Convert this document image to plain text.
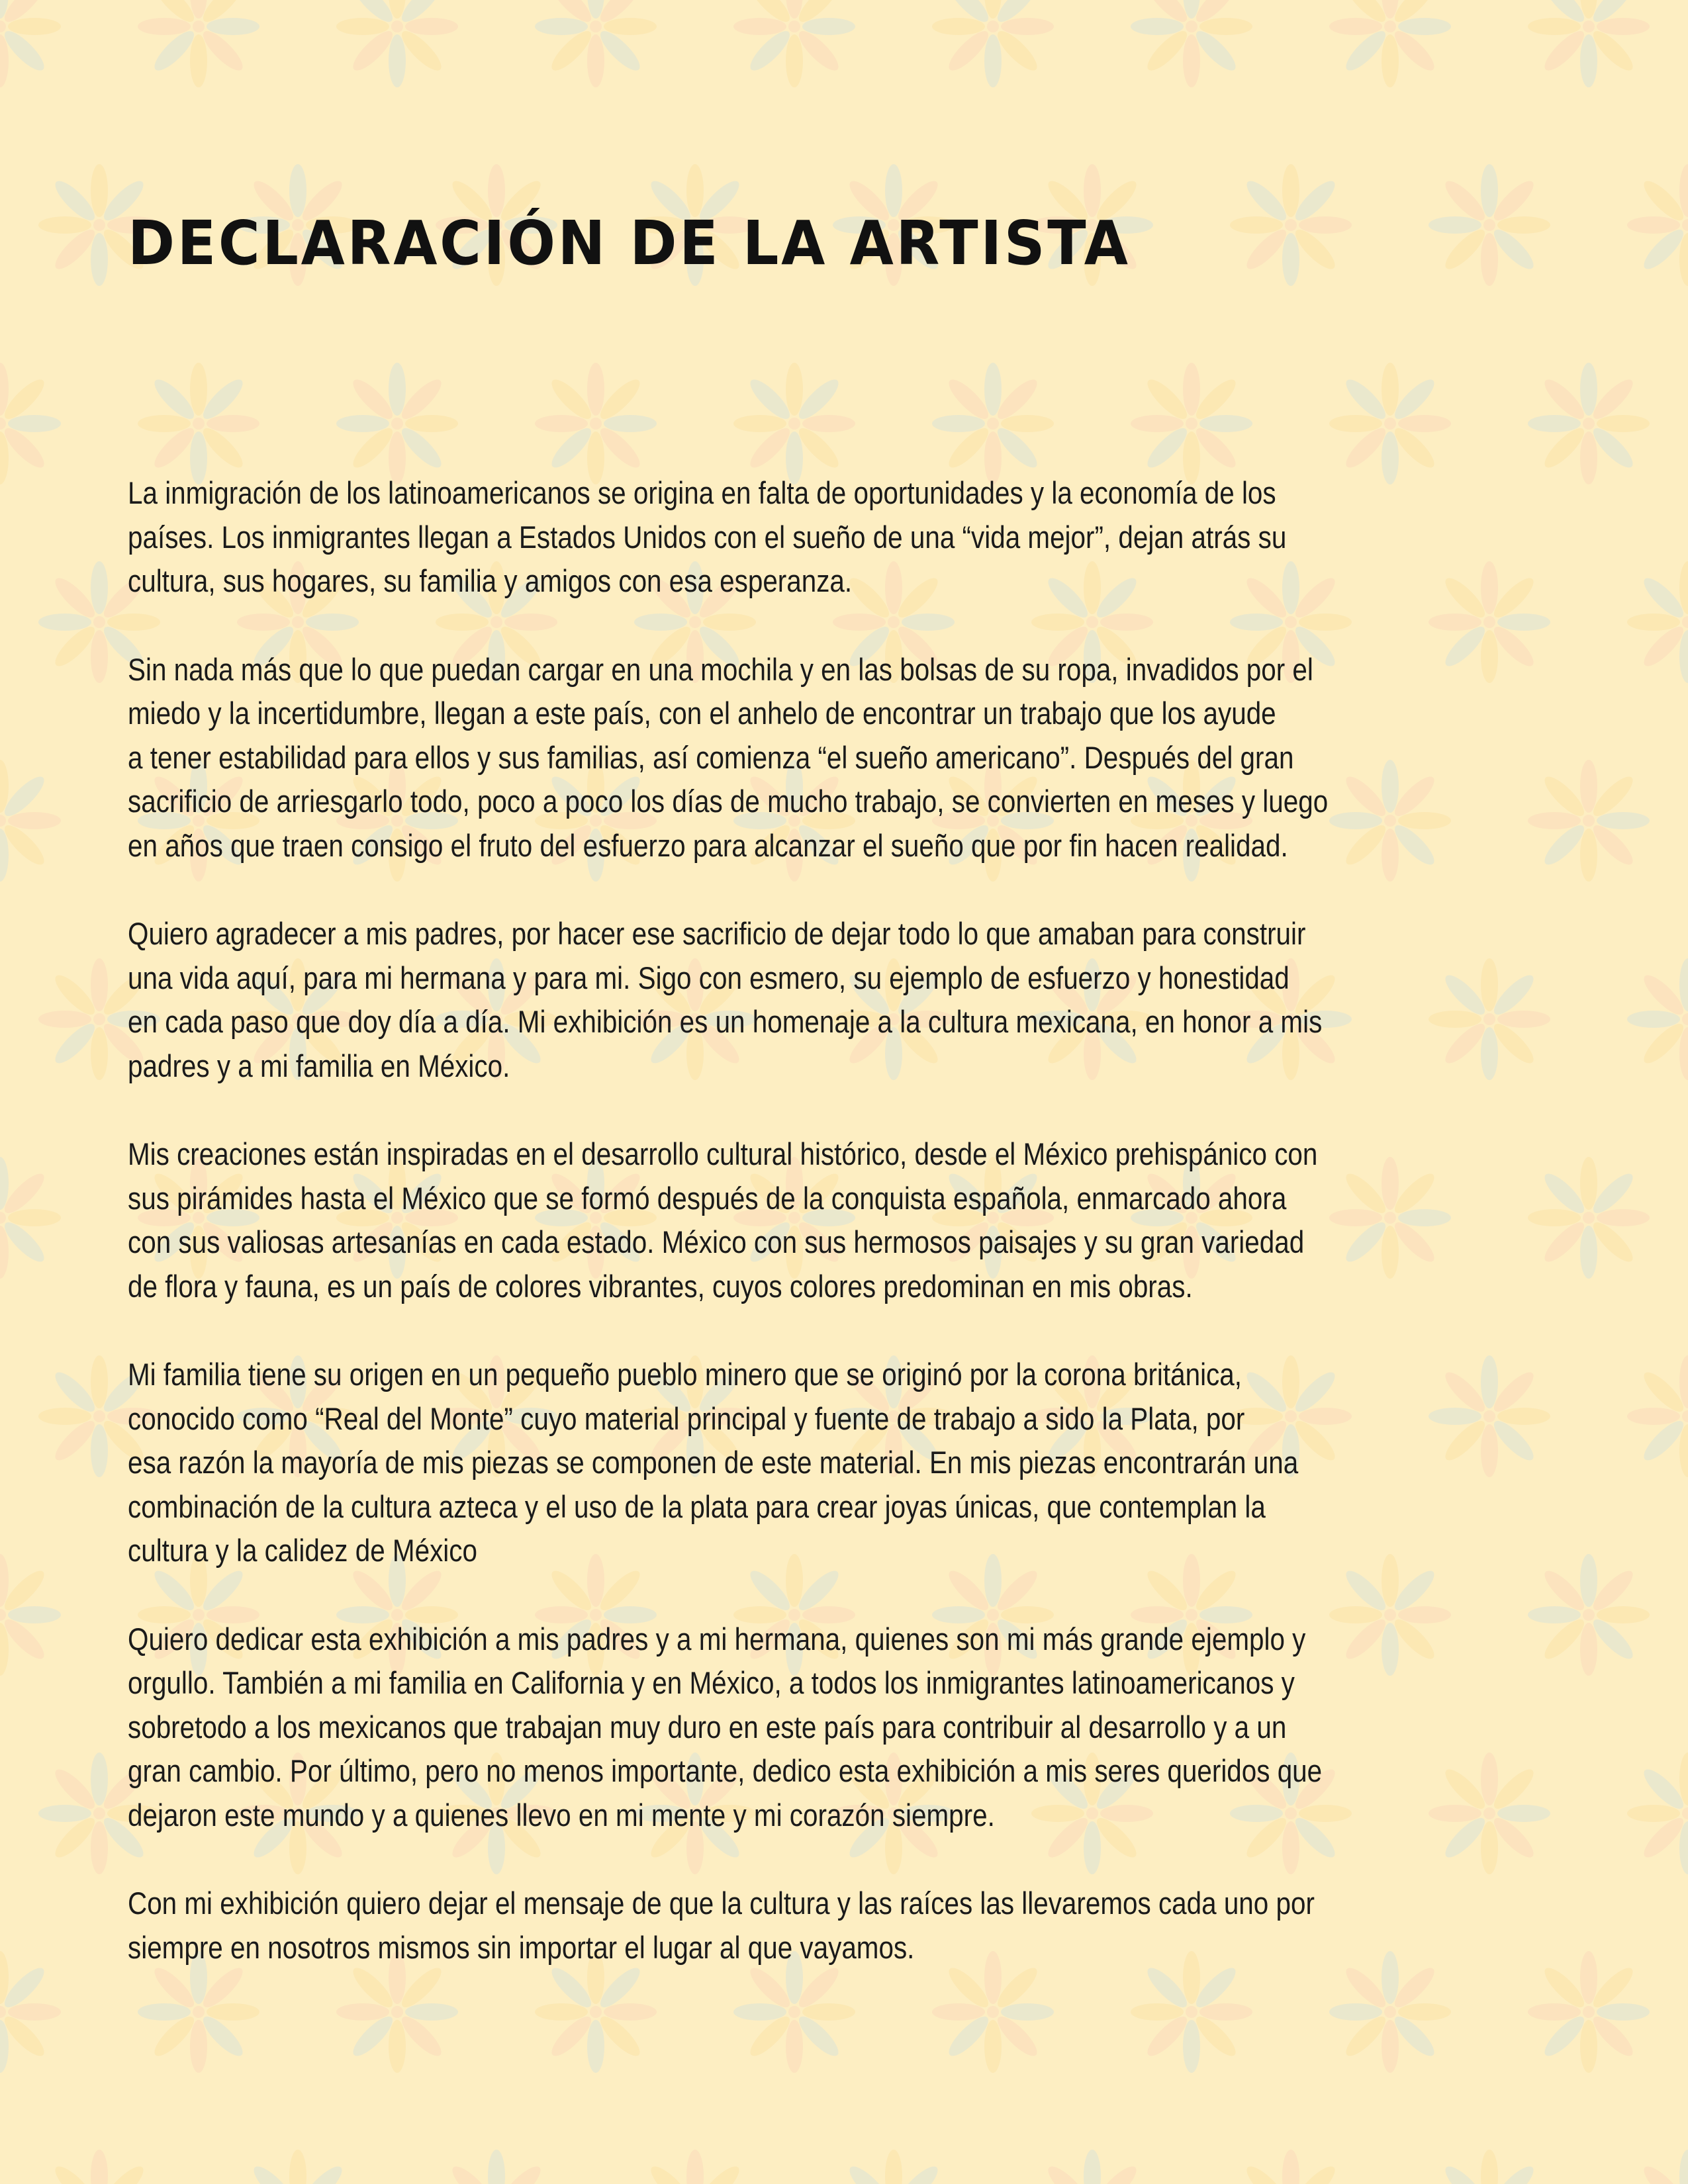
DECLARACIÓN DE LA ARTISTA

La inmigración de los latinoamericanos se origina en falta de oportunidades y la economía de los
países. Los inmigrantes llegan a Estados Unidos con el sueño de una “vida mejor”, dejan atrás su
cultura, sus hogares, su familia y amigos con esa esperanza.

Sin nada más que lo que puedan cargar en una mochila y en las bolsas de su ropa, invadidos por el
miedo y la incertidumbre, llegan a este país, con el anhelo de encontrar un trabajo que los ayude
a tener estabilidad para ellos y sus familias, así comienza “el sueño americano”. Después del gran
sacrificio de arriesgarlo todo, poco a poco los días de mucho trabajo, se convierten en meses y luego
en años que traen consigo el fruto del esfuerzo para alcanzar el sueño que por fin hacen realidad.

Quiero agradecer a mis padres, por hacer ese sacrificio de dejar todo lo que amaban para construir
una vida aquí, para mi hermana y para mi. Sigo con esmero, su ejemplo de esfuerzo y honestidad
en cada paso que doy día a día. Mi exhibición es un homenaje a la cultura mexicana, en honor a mis
padres y a mi familia en México.

Mis creaciones están inspiradas en el desarrollo cultural histórico, desde el México prehispánico con
sus pirámides hasta el México que se formó después de la conquista española, enmarcado ahora
con sus valiosas artesanías en cada estado. México con sus hermosos paisajes y su gran variedad
de flora y fauna, es un país de colores vibrantes, cuyos colores predominan en mis obras.

Mi familia tiene su origen en un pequeño pueblo minero que se originó por la corona británica,
conocido como “Real del Monte” cuyo material principal y fuente de trabajo a sido la Plata, por
esa razón la mayoría de mis piezas se componen de este material. En mis piezas encontrarán una
combinación de la cultura azteca y el uso de la plata para crear joyas únicas, que contemplan la
cultura y la calidez de México

Quiero dedicar esta exhibición a mis padres y a mi hermana, quienes son mi más grande ejemplo y
orgullo. También a mi familia en California y en México, a todos los inmigrantes latinoamericanos y
sobretodo a los mexicanos que trabajan muy duro en este país para contribuir al desarrollo y a un
gran cambio. Por último, pero no menos importante, dedico esta exhibición a mis seres queridos que
dejaron este mundo y a quienes llevo en mi mente y mi corazón siempre.

Con mi exhibición quiero dejar el mensaje de que la cultura y las raíces las llevaremos cada uno por
siempre en nosotros mismos sin importar el lugar al que vayamos.
